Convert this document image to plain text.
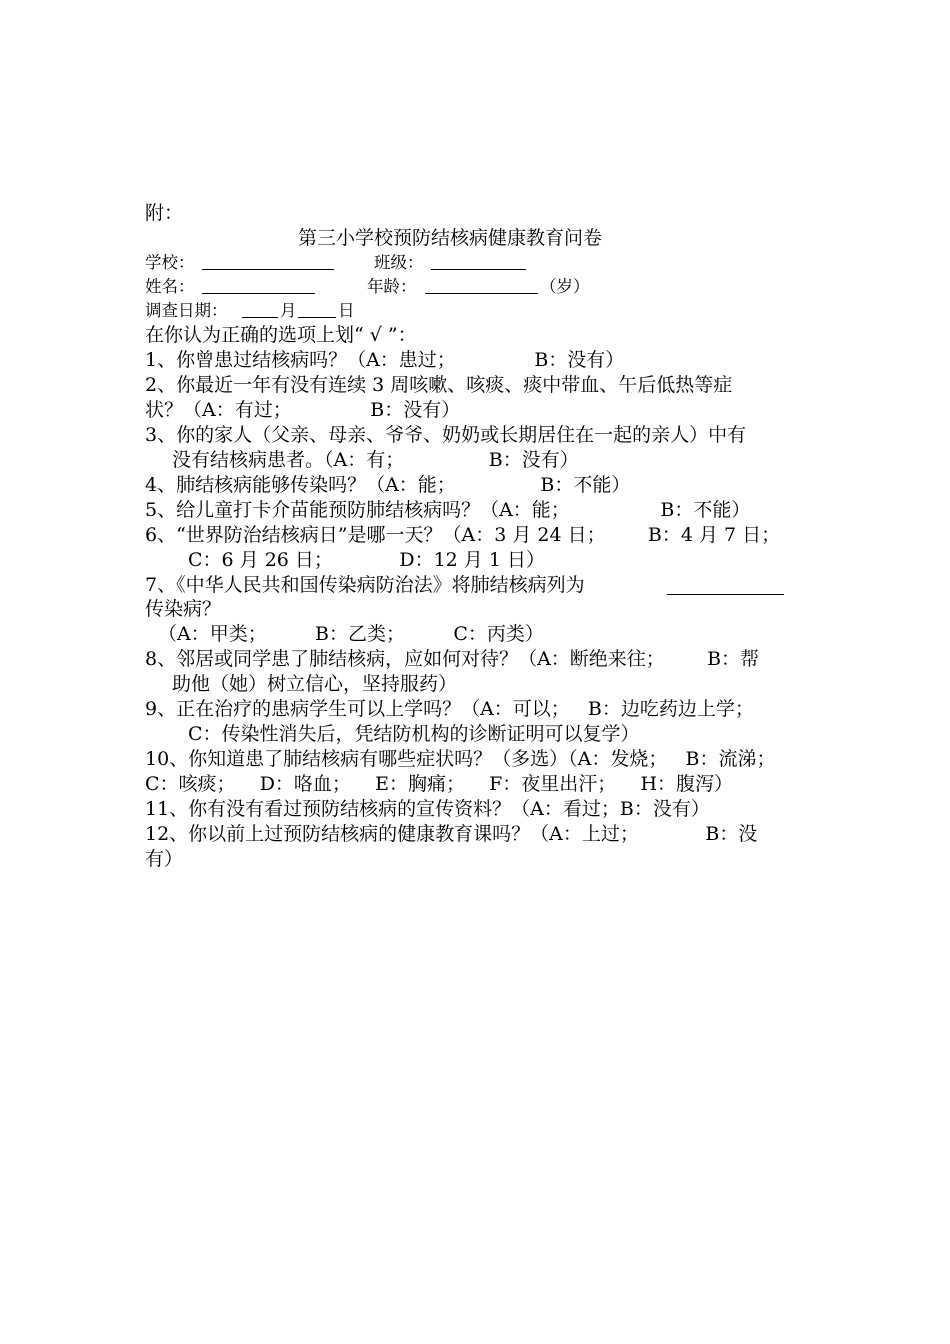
附：
第三小学校预防结核病健康教育问卷
学校：	班级：
姓名：	年龄：	（岁）
调查日期：	月	日
在你认为正确的选项上划“ √ ”：
1、你曾患过结核病吗？（A：患过；             B：没有）
2、你最近一年有没有连续 3 周咳嗽、咳痰、痰中带血、午后低热等症
状？（A：有过；             B：没有）
3、你的家人（父亲、母亲、爷爷、奶奶或长期居住在一起的亲人）中有
没有结核病患者。（A：有；              B：没有）
4、肺结核病能够传染吗？（A：能；              B：不能）
5、给儿童打卡介苗能预防肺结核病吗？（A：能；               B：不能）
6、“世界防治结核病日”是哪一天？（A：3 月 24 日；       B：4 月 7 日；
C：6 月 26 日；           D：12 月 1 日）
7、《中华人民共和国传染病防治法》将肺结核病列为
传染病？
（A：甲类；        B：乙类；        C：丙类）
8、邻居或同学患了肺结核病，应如何对待？（A：断绝来往；       B：帮
助他（她）树立信心，坚持服药）
9、正在治疗的患病学生可以上学吗？（A：可以；   B：边吃药边上学；
C：传染性消失后，凭结防机构的诊断证明可以复学）
10、你知道患了肺结核病有哪些症状吗？（多选）（A：发烧；   B：流涕；
C：咳痰；    D：咯血；    E：胸痛；    F：夜里出汗；    H：腹泻）
11、你有没有看过预防结核病的宣传资料？（A：看过；B：没有）
12、你以前上过预防结核病的健康教育课吗？（A：上过；           B：没
有）
